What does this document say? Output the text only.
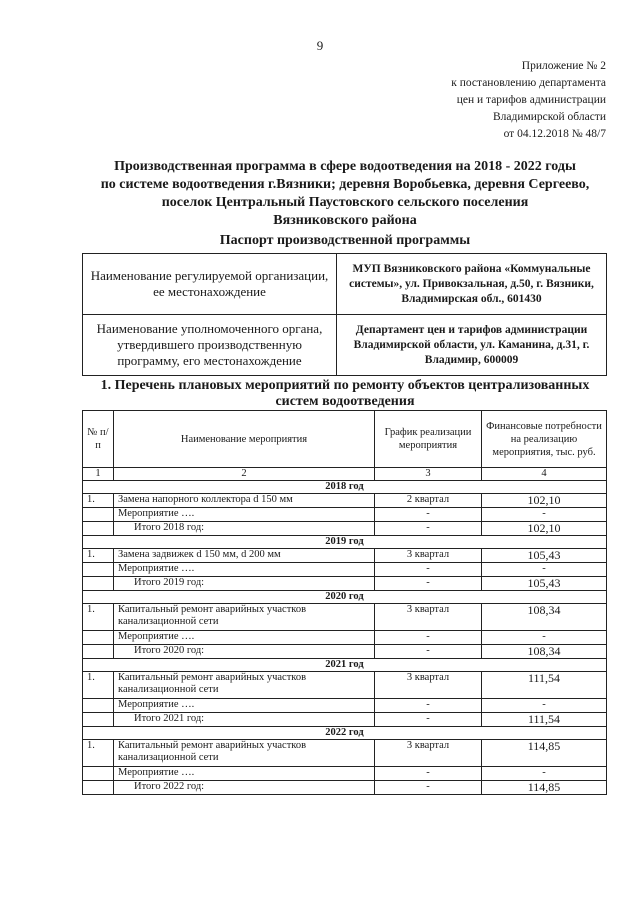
9
Приложение № 2
к постановлению департамента
цен и тарифов администрации
Владимирской области
от 04.12.2018 № 48/7
Производственная программа в сфере водоотведения на 2018 - 2022 годы
по системе водоотведения г.Вязники; деревня Воробьевка, деревня Сергеево,
поселок Центральный Паустовского сельского поселения
Вязниковского района
Паспорт производственной программы
Наименование регулируемой организации, ее местонахождение	МУП Вязниковского района «Коммунальные системы», ул. Привокзальная, д.50, г. Вязники, Владимирская обл., 601430
Наименование уполномоченного органа, утвердившего производственную программу, его местонахождение	Департамент цен и тарифов администрации Владимирской области, ул. Каманина, д.31, г. Владимир, 600009
1. Перечень плановых мероприятий по ремонту объектов централизованных
систем водоотведения
№ п/п	Наименование мероприятия	График реализации мероприятия	Финансовые потребности на реализацию мероприятия, тыс. руб.
1	2	3	4
2018 год			
1.	Замена напорного коллектора d 150 мм	2 квартал	102,10
	Мероприятие ….	-	-
	Итого 2018 год:	-	102,10
2019 год			
1.	Замена задвижек d 150 мм, d 200 мм	3 квартал	105,43
	Мероприятие ….	-	-
	Итого 2019 год:	-	105,43
2020 год			
1.	Капитальный ремонт аварийных участков канализационной сети	3 квартал	108,34
	Мероприятие ….	-	-
	Итого 2020 год:	-	108,34
2021 год			
1.	Капитальный ремонт аварийных участков канализационной сети	3 квартал	111,54
	Мероприятие ….	-	-
	Итого 2021 год:	-	111,54
2022 год			
1.	Капитальный ремонт аварийных участков канализационной сети	3 квартал	114,85
	Мероприятие ….	-	-
	Итого 2022 год:	-	114,85
